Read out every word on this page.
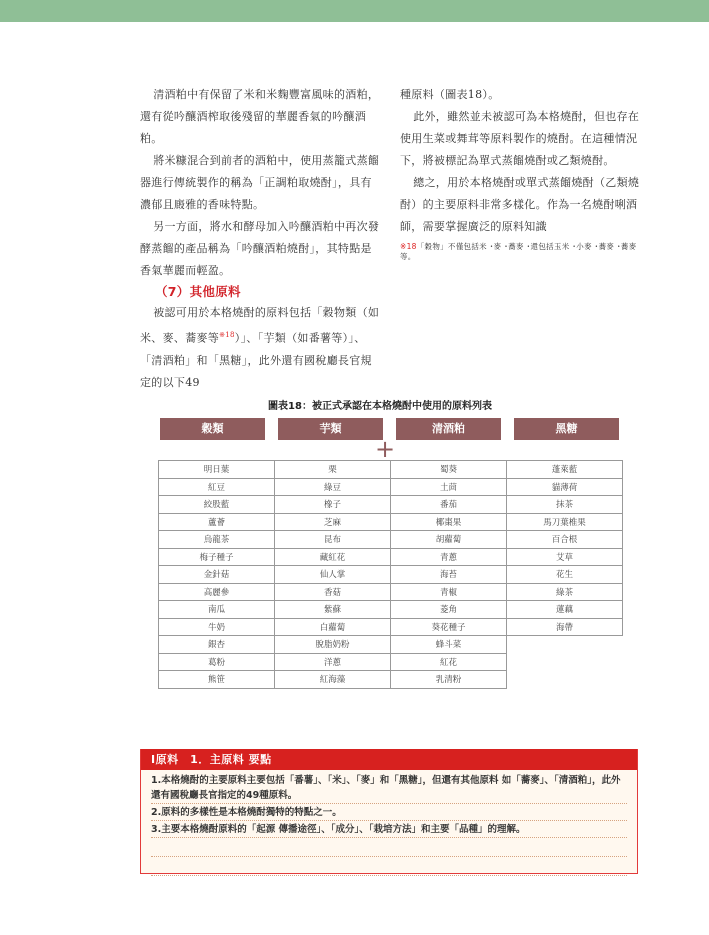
清酒粕中有保留了米和米麴豐富風味的酒粕，還有從吟釀酒榨取後殘留的華麗香氣的吟釀酒粕。

將米糠混合到前者的酒粕中，使用蒸籠式蒸餾器進行傳統製作的稱為「正調粕取燒酎」，具有濃郁且廄雅的香味特點。

另一方面，將水和酵母加入吟釀酒粕中再次發酵蒸餾的產品稱為「吟釀酒粕燒酎」，其特點是香氣華麗而輕盈。

（7）其他原料

被認可用於本格燒酎的原料包括「穀物類（如米、麥、蕎麥等$^{※18}$）」、「芋類（如番薯等）」、「清酒粕」和「黑糖」，此外還有國稅廳長官規定的以下49

種原料（圖表18）。

此外，雖然並未被認可為本格燒酎，但也存在使用生菜或舞茸等原料製作的燒酎。在這種情況下，將被標記為單式蒸餾燒酎或乙類燒酎。

總之，用於本格燒酎或單式蒸餾燒酎（乙類燒酎）的主要原料非常多樣化。作為一名燒酎唎酒師，需要掌握廣泛的原料知識

※18「穀物」不僅包括米 ･麥 ･蕎麥 ･還包括玉米 ･小麥 ･蕎麥 ･蕎麥等。
圖表18：被正式承認在本格燒酎中使用的原料列表
穀類	芋類	清酒粕	黑糖
+
明日葉	栗	蜀葵	蓬萊藍
紅豆	綠豆	土茴	貓薄荷
絞股藍	橡子	番茄	抹茶
蘆薈	芝麻	椰棗果	馬刀葉椎果
烏龍茶	昆布	胡蘿蔔	百合根
梅子種子	藏紅花	青蔥	艾草
金針菇	仙人掌	海苔	花生
高麗參	香菇	青椒	綠茶
南瓜	紫蘇	菱角	蓮藕
牛奶	白蘿蔔	葵花種子	海帶
銀杏	脫脂奶粉	蜂斗菜	
葛粉	洋蔥	紅花	
熊笹	紅海藻	乳清粉	
Ⅰ原料　1．主原料 要點
1.本格燒酎的主要原料主要包括「番薯」、「米」、「麥」和「黑糖」，但還有其他原料 如「蕎麥」、「清酒粕」，此外 還有國稅廳長官指定的49種原料。
2.原料的多樣性是本格燒酎獨特的特點之一。
3.主要本格燒酎原料的「起源 傳播途徑」、「成分」、「栽培方法」和主要「品種」的理解。
